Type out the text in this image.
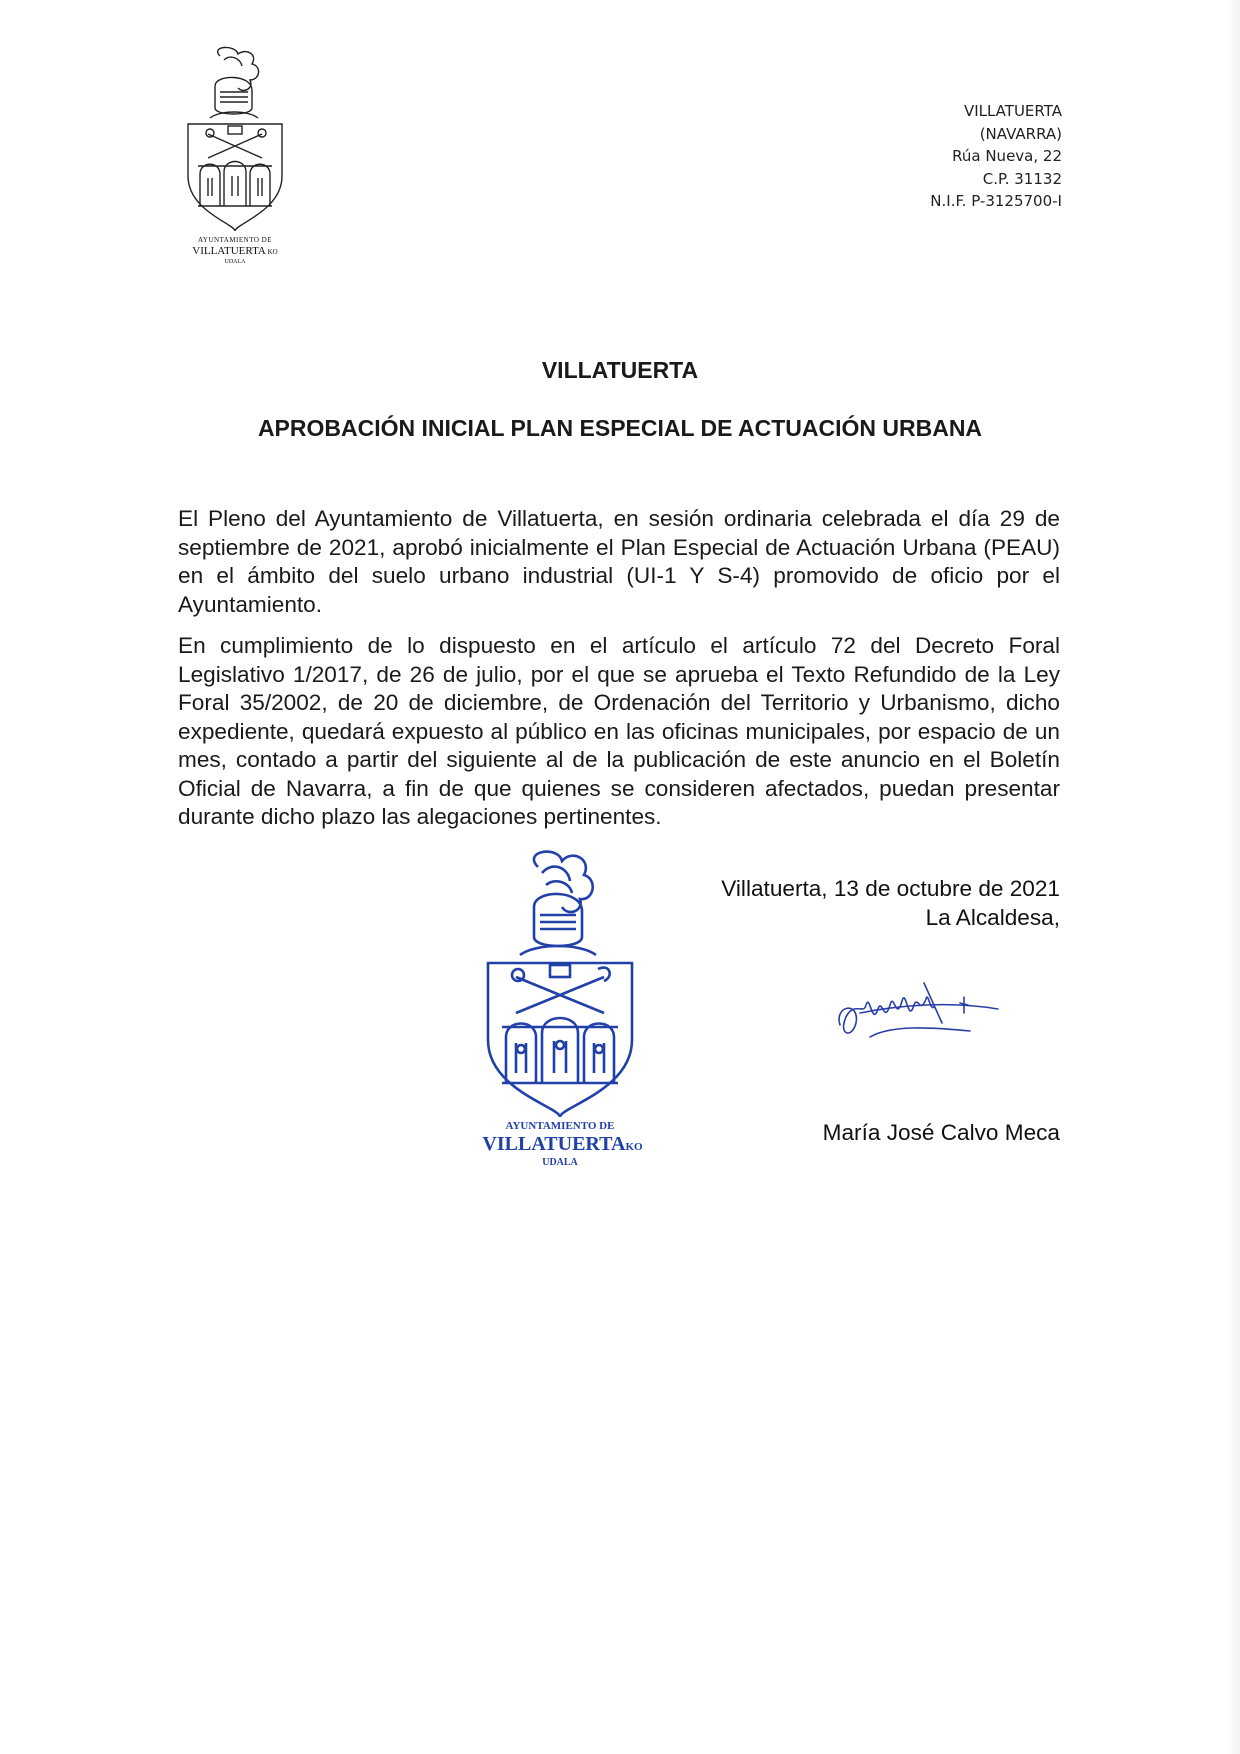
AYUNTAMIENTO DE
VILLATUERTA KO
UDALA
VILLATUERTA
(NAVARRA)
Rúa Nueva, 22
C.P. 31132
N.I.F. P-3125700-I
VILLATUERTA
APROBACIÓN INICIAL PLAN ESPECIAL DE ACTUACIÓN URBANA
El Pleno del Ayuntamiento de Villatuerta, en sesión ordinaria celebrada el día 29 de septiembre de 2021, aprobó inicialmente el Plan Especial de Actuación Urbana (PEAU) en el ámbito del suelo urbano industrial (UI-1 Y S-4) promovido de oficio por el Ayuntamiento.
En cumplimiento de lo dispuesto en el artículo el artículo 72 del Decreto Foral Legislativo 1/2017, de 26 de julio, por el que se aprueba el Texto Refundido de la Ley Foral 35/2002, de 20 de diciembre, de Ordenación del Territorio y Urbanismo, dicho expediente, quedará expuesto al público en las oficinas municipales, por espacio de un mes, contado a partir del siguiente al de la publicación de este anuncio en el Boletín Oficial de Navarra, a fin de que quienes se consideren afectados, puedan presentar durante dicho plazo las alegaciones pertinentes.
AYUNTAMIENTO DE
VILLATUERTAKO
UDALA
Villatuerta, 13 de octubre de 2021
La Alcaldesa,
María José Calvo Meca
